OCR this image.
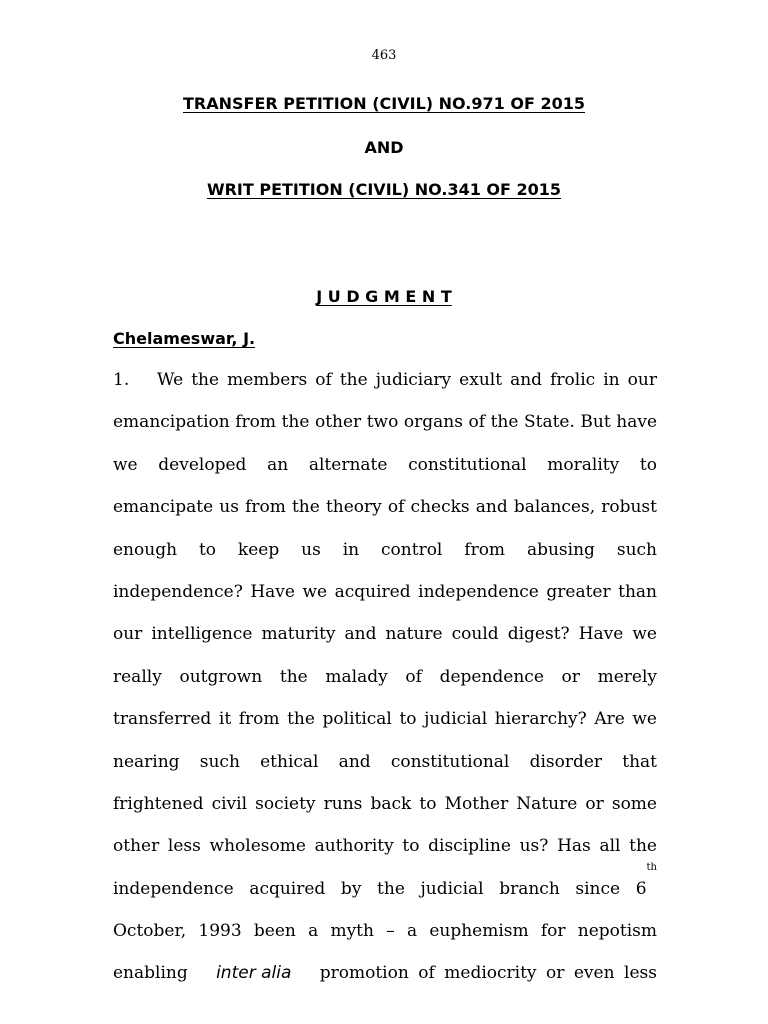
463
TRANSFER PETITION (CIVIL) NO.971 OF 2015
AND
WRIT PETITION (CIVIL) NO.341 OF 2015
J U D G M E N T
Chelameswar, J.
1. We the members of the judiciary exult and frolic in our
emancipation from the other two organs of the State. But have
we developed an alternate constitutional morality to
emancipate us from the theory of checks and balances, robust
enough to keep us in control from abusing such
independence? Have we acquired independence greater than
our intelligence maturity and nature could digest? Have we
really outgrown the malady of dependence or merely
transferred it from the political to judicial hierarchy? Are we
nearing such ethical and constitutional disorder that
frightened civil society runs back to Mother Nature or some
other less wholesome authority to discipline us? Has all the
independence acquired by the judicial branch since 6
th
October, 1993 been a myth – a euphemism for nepotism
enabling inter alia promotion of mediocrity or even less
